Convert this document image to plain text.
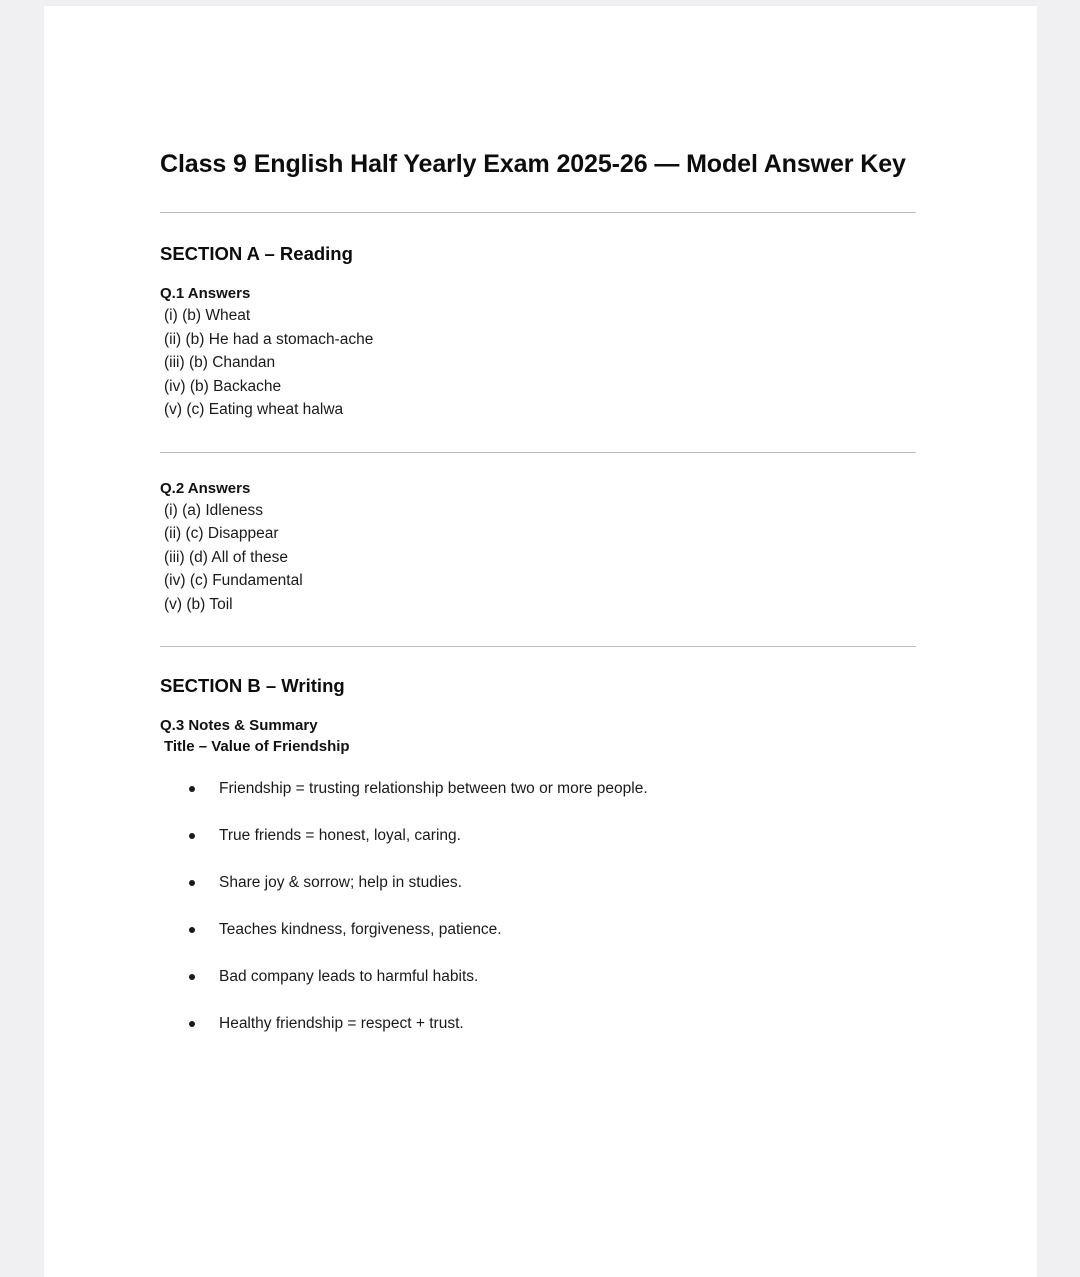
Class 9 English Half Yearly Exam 2025-26 — Model Answer Key
SECTION A – Reading
Q.1 Answers
(i) (b) Wheat
(ii) (b) He had a stomach-ache
(iii) (b) Chandan
(iv) (b) Backache
(v) (c) Eating wheat halwa
Q.2 Answers
(i) (a) Idleness
(ii) (c) Disappear
(iii) (d) All of these
(iv) (c) Fundamental
(v) (b) Toil
SECTION B – Writing
Q.3 Notes & Summary
Title – Value of Friendship
Friendship = trusting relationship between two or more people.
True friends = honest, loyal, caring.
Share joy & sorrow; help in studies.
Teaches kindness, forgiveness, patience.
Bad company leads to harmful habits.
Healthy friendship = respect + trust.
